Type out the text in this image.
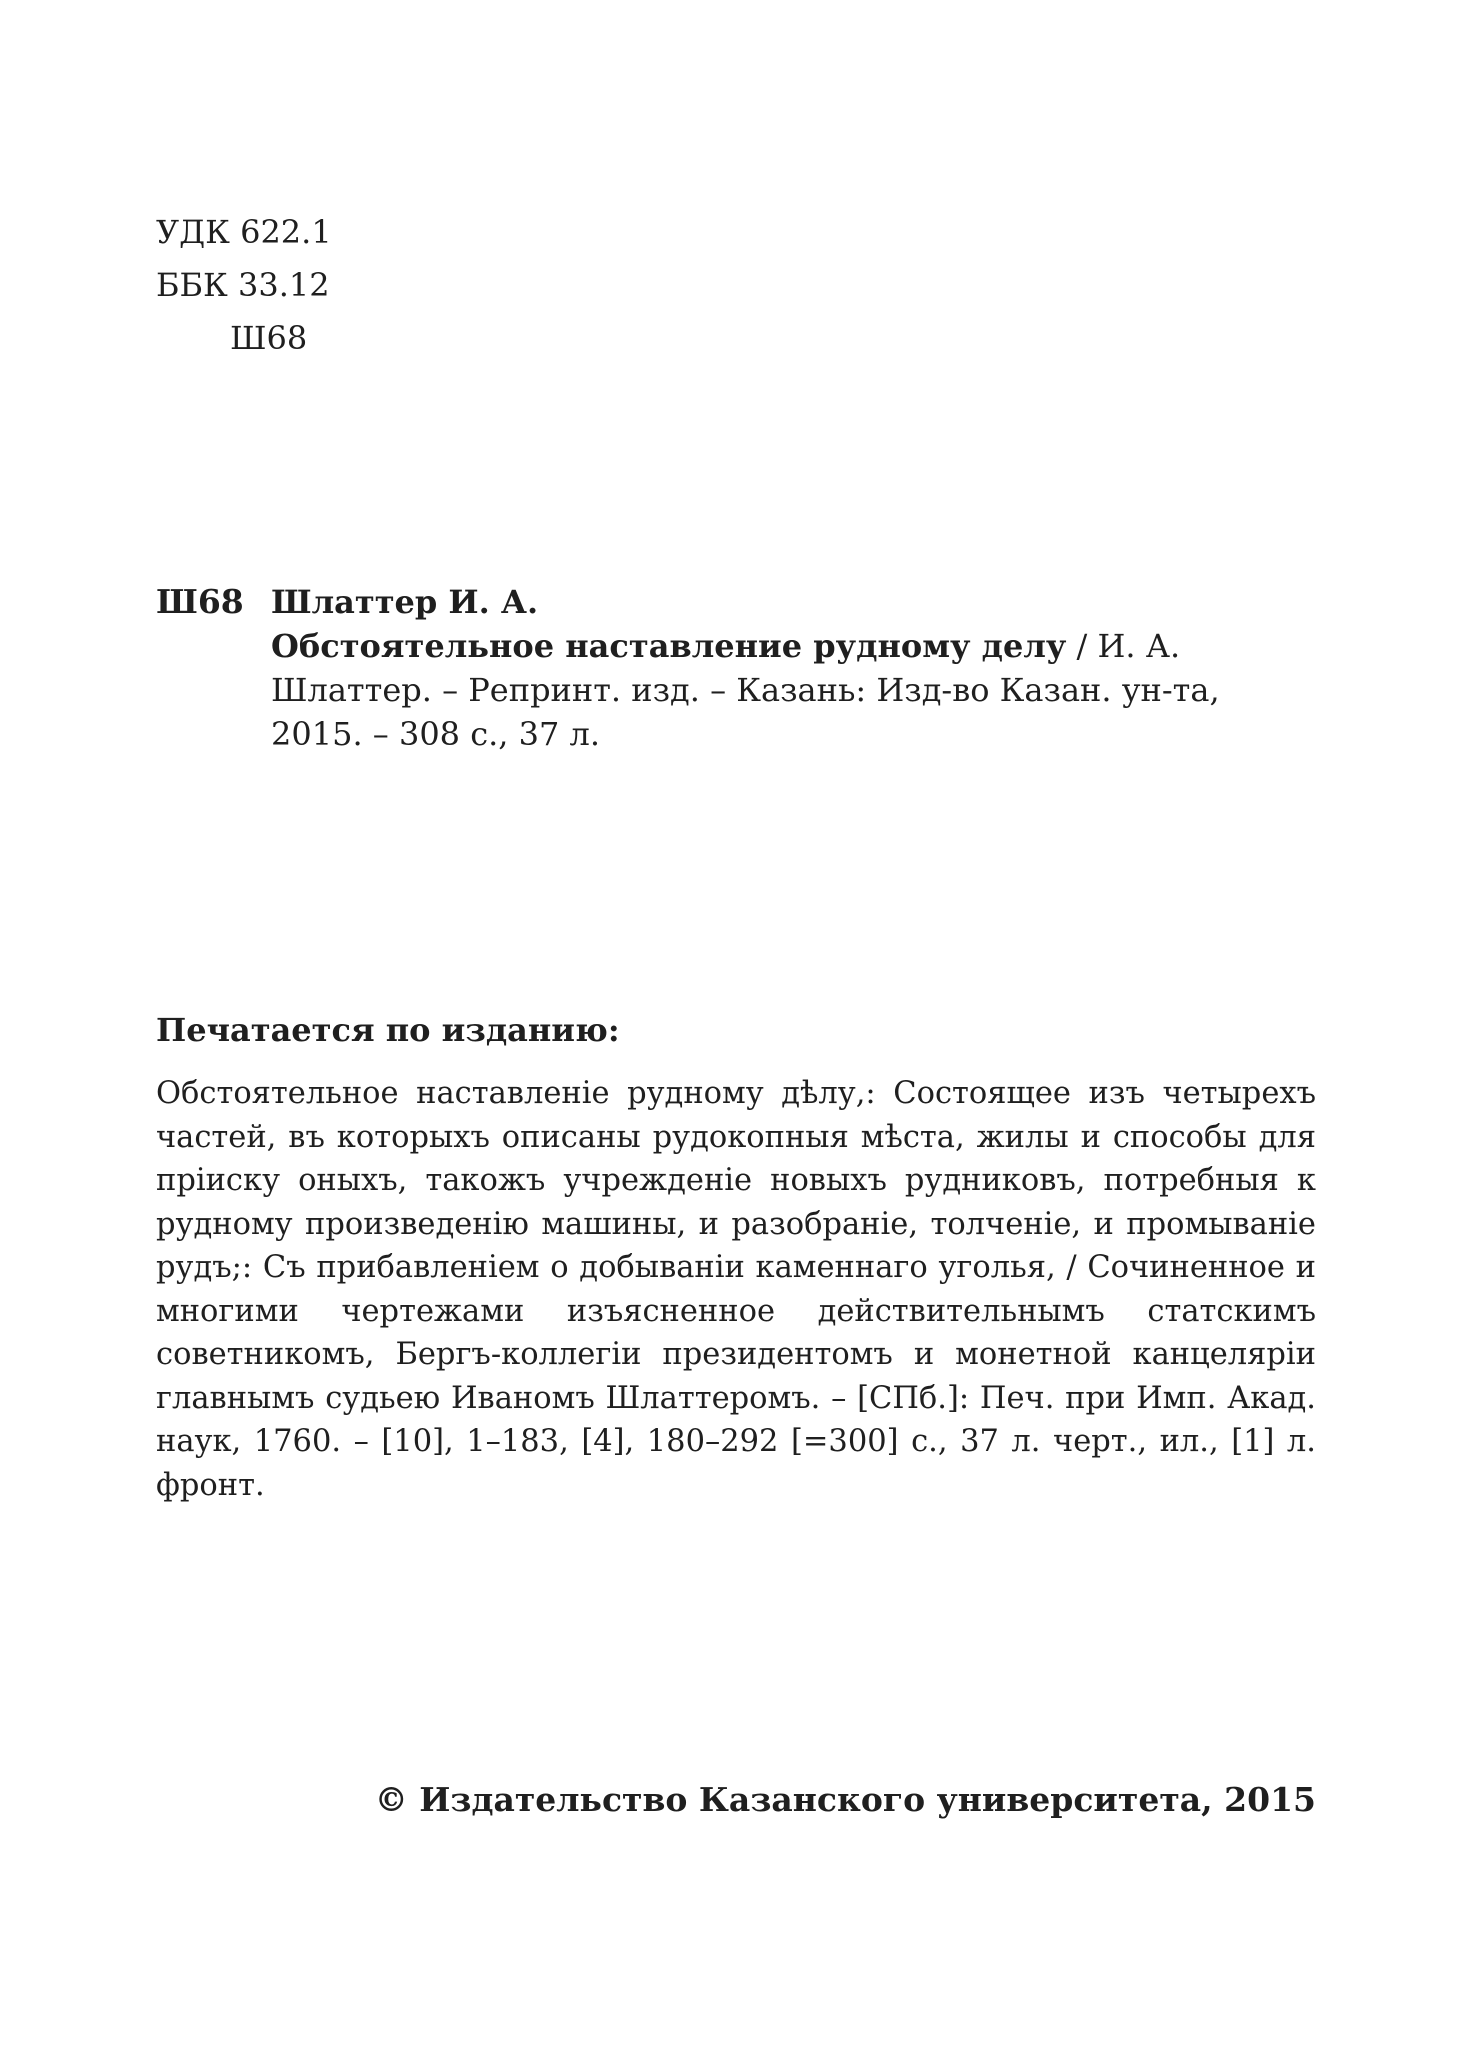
УДК 622.1
ББК 33.12
Ш68
Ш68 Шлаттер И. А.
Обстоятельное наставление рудному делу / И. А. Шлаттер. – Репринт. изд. – Казань: Изд-во Казан. ун-та, 2015. – 308 с., 37 л.
Печатается по изданию:
Обстоятельное наставленіе рудному дѣлу,: Состоящее изъ четырехъ частей, въ которыхъ описаны рудокопныя мѣста, жилы и способы для прiиску оныхъ, такожъ учрежденiе новыхъ рудниковъ, потребныя к рудному произведенiю машины, и разобранiе, толченiе, и промыванiе рудъ;: Съ прибавленiем о добываніи каменнаго уголья, / Сочиненное и многими чертежами изъясненное действительнымъ статскимъ советникомъ, Бергъ-коллегіи президентомъ и монетной канцеляріи главнымъ судьею Иваномъ Шлаттеромъ. – [СПб.]: Печ. при Имп. Акад. наук, 1760. – [10], 1–183, [4], 180–292 [=300] с., 37 л. черт., ил., [1] л. фронт.
© Издательство Казанского университета, 2015
